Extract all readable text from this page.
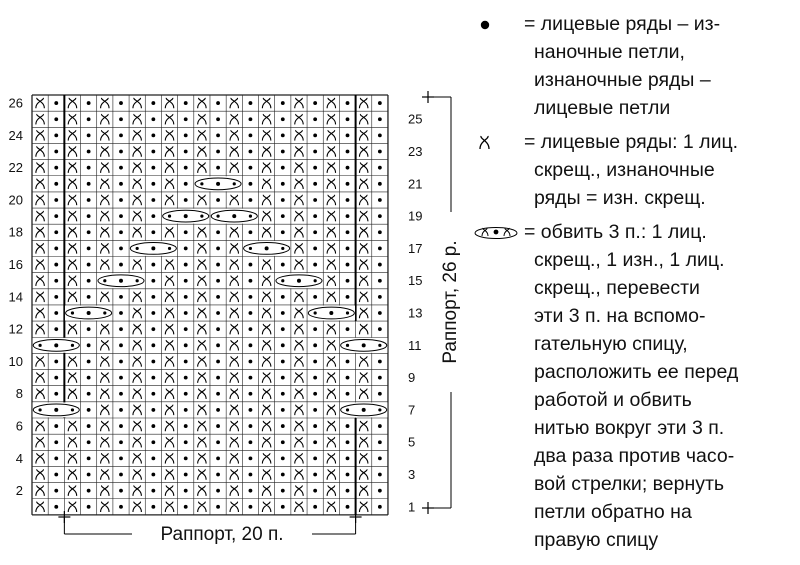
2
4
6
8
10
12
14
16
18
20
22
24
26
1
3
5
7
9
11
13
15
17
19
21
23
25
Раппорт, 20 п.
Раппорт, 26 р.
= лицевые ряды – из-
наночные петли,
изнаночные ряды –
лицевые петли
= лицевые ряды: 1 лиц.
скрещ., изнаночные
ряды = изн. скрещ.
= обвить 3 п.: 1 лиц.
скрещ., 1 изн., 1 лиц.
скрещ., перевести
эти 3 п. на вспомо-
гательную спицу,
расположить ее перед
работой и обвить
нитью вокруг эти 3 п.
два раза против часо-
вой стрелки; вернуть
петли обратно на
правую спицу
